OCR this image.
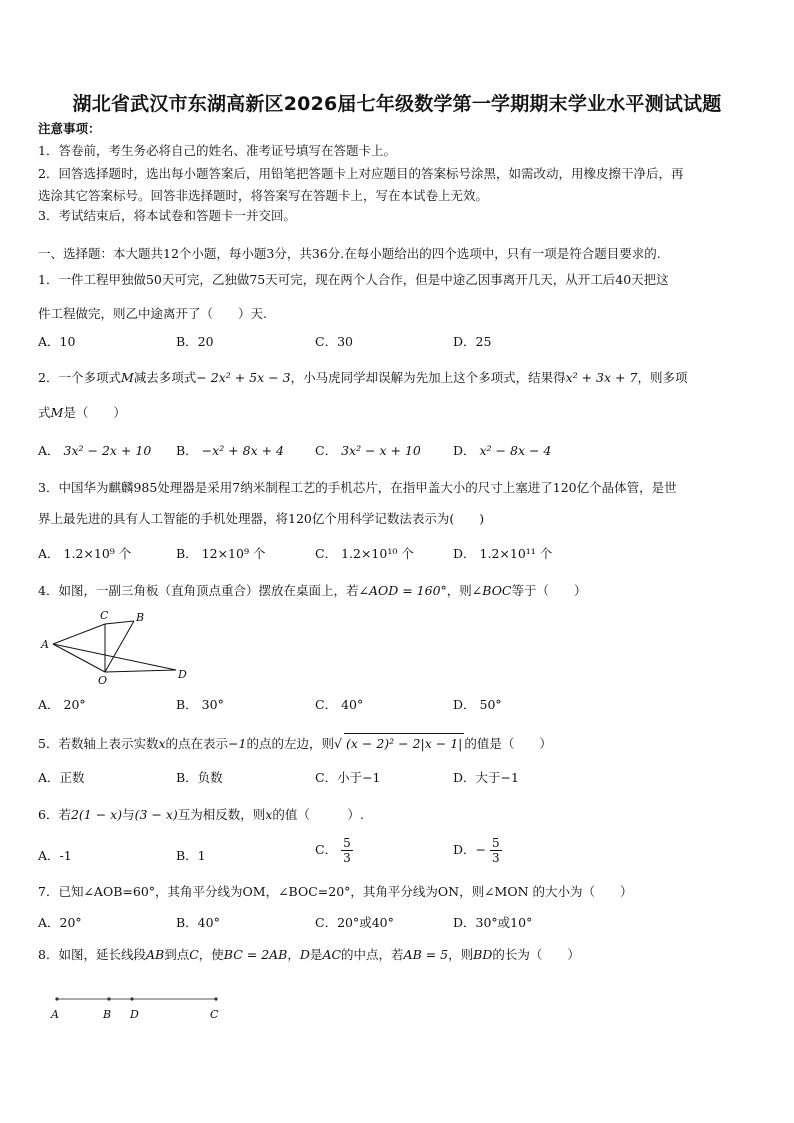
湖北省武汉市东湖高新区2026届七年级数学第一学期期末学业水平测试试题
注意事项：
1．答卷前，考生务必将自己的姓名、准考证号填写在答题卡上。
2．回答选择题时，选出每小题答案后，用铅笔把答题卡上对应题目的答案标号涂黑，如需改动，用橡皮擦干净后，再
选涂其它答案标号。回答非选择题时，将答案写在答题卡上，写在本试卷上无效。
3．考试结束后，将本试卷和答题卡一并交回。
一、选择题：本大题共12个小题，每小题3分，共36分.在每小题给出的四个选项中，只有一项是符合题目要求的.
1．一件工程甲独做50天可完，乙独做75天可完，现在两个人合作，但是中途乙因事离开几天，从开工后40天把这
件工程做完，则乙中途离开了（　　）天.
A．10	B．20	C．30	D．25
2．一个多项式M减去多项式− 2x² + 5x − 3，小马虎同学却误解为先加上这个多项式，结果得x² + 3x + 7，则多项
式M是（　　）
A． 3x² − 2x + 10 B． −x² + 8x + 4 C． 3x² − x + 10	D． x² − 8x − 4
3．中国华为麒麟985处理器是采用7纳米制程工艺的手机芯片，在指甲盖大小的尺寸上塞进了120亿个晶体管，是世
界上最先进的具有人工智能的手机处理器，将120亿个用科学记数法表示为(　　)
A． 1.2×10⁹ 个	B． 12×10⁹ 个	C． 1.2×10¹⁰ 个	D． 1.2×10¹¹ 个
4．如图，一副三角板（直角顶点重合）摆放在桌面上，若∠AOD = 160°，则∠BOC等于（　　）
A
B
C
O	D
A． 20°	B． 30°	C． 40°	D． 50°
5．若数轴上表示实数x的点在表示−1的点的左边，则√ (x − 2)² − 2|x − 1| 的值是（　　）
A．正数	B．负数	C．小于−1	D．大于−1
6．若2(1 − x)与(3 − x)互为相反数，则x的值（　　　）.
A．-1	B．1	C． $\frac{5}{3}$	D．− $\frac{5}{3}$
7．已知∠AOB=60°，其角平分线为OM，∠BOC=20°，其角平分线为ON，则∠MON 的大小为（　　）
A．20°	B．40°	C．20°或40°	D．30°或10°
8．如图，延长线段AB到点C，使BC = 2AB，D是AC的中点，若AB = 5，则BD的长为（　　）
A	B D	C
